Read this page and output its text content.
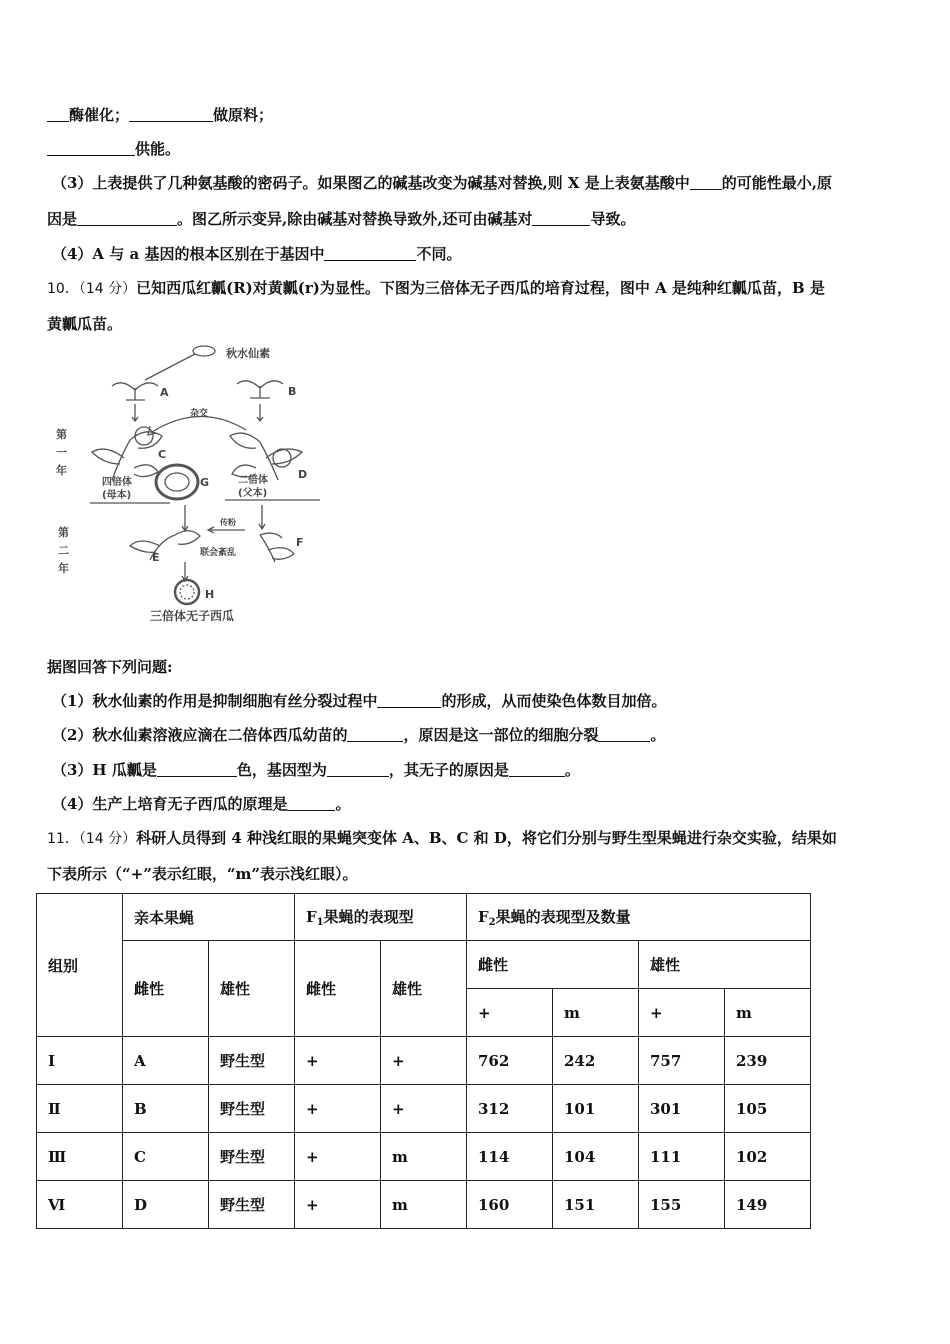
酶催化；	做原料；
供能。
（3）上表提供了几种氨基酸的密码子。如果图乙的碱基改变为碱基对替换,则 X 是上表氨基酸中 的可能性最小,原
因是	。图乙所示变异,除由碱基对替换导致外,还可由碱基对	导致。
（4）A 与 a 基因的根本区别在于基因中	不同。
10．（14 分）已知西瓜红瓤(R)对黄瓤(r)为显性。下图为三倍体无子西瓜的培育过程，图中 A 是纯种红瓤瓜苗，B 是
黄瓤瓜苗。
秋水仙素
A	B
杂交
C
D
G
第
一
年
四倍体
(母本)
二倍体
(父本)
传粉
第
二
年
E
F
联会紊乱
H
三倍体无子西瓜
据图回答下列问题:
（1）秋水仙素的作用是抑制细胞有丝分裂过程中	的形成，从而使染色体数目加倍。
（2）秋水仙素溶液应滴在二倍体西瓜幼苗的	，原因是这一部位的细胞分裂	。
（3）H 瓜瓤是	色，基因型为	，其无子的原因是	。
（4）生产上培育无子西瓜的原理是	。
11．（14 分）科研人员得到 4 种浅红眼的果蝇突变体 A、B、C 和 D，将它们分别与野生型果蝇进行杂交实验，结果如
下表所示（“+”表示红眼，“m”表示浅红眼）。
组别	亲本果蝇		$F_1$果蝇的表现型		$F_2$果蝇的表现型及数量			
	雌性	雄性	雌性	雄性	雌性		雄性	
					+	m	+	m
Ⅰ	A	野生型	+	+	762	242	757	239
Ⅱ	B	野生型	+	+	312	101	301	105
Ⅲ	C	野生型	+	m	114	104	111	102
Ⅵ	D	野生型	+	m	160	151	155	149
